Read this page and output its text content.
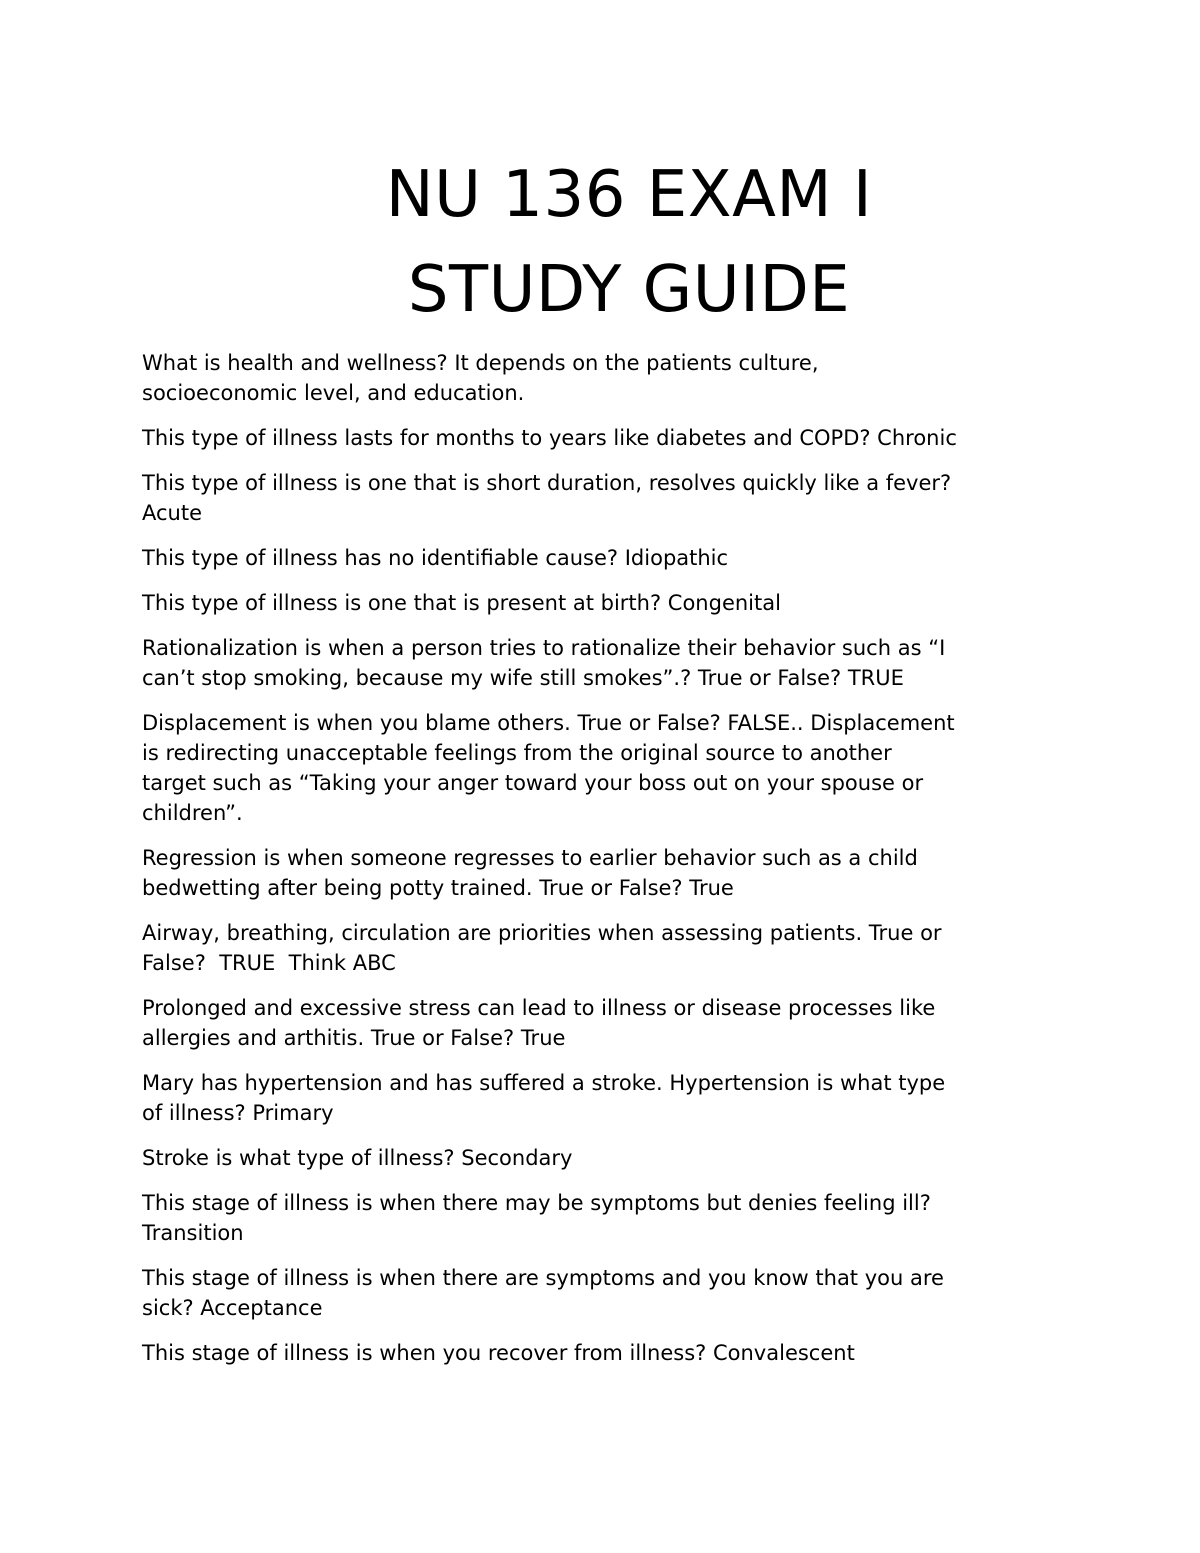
NU 136 EXAM I
STUDY GUIDE

What is health and wellness? It depends on the patients culture,
socioeconomic level, and education.

This type of illness lasts for months to years like diabetes and COPD? Chronic

This type of illness is one that is short duration, resolves quickly like a fever?
Acute

This type of illness has no identifiable cause? Idiopathic

This type of illness is one that is present at birth? Congenital

Rationalization is when a person tries to rationalize their behavior such as “I
can’t stop smoking, because my wife still smokes”.? True or False? TRUE

Displacement is when you blame others. True or False? FALSE.. Displacement
is redirecting unacceptable feelings from the original source to another
target such as “Taking your anger toward your boss out on your spouse or
children”.

Regression is when someone regresses to earlier behavior such as a child
bedwetting after being potty trained. True or False? True

Airway, breathing, circulation are priorities when assessing patients. True or
False?  TRUE  Think ABC

Prolonged and excessive stress can lead to illness or disease processes like
allergies and arthitis. True or False? True

Mary has hypertension and has suffered a stroke. Hypertension is what type
of illness? Primary

Stroke is what type of illness? Secondary

This stage of illness is when there may be symptoms but denies feeling ill?
Transition

This stage of illness is when there are symptoms and you know that you are
sick? Acceptance

This stage of illness is when you recover from illness? Convalescent
